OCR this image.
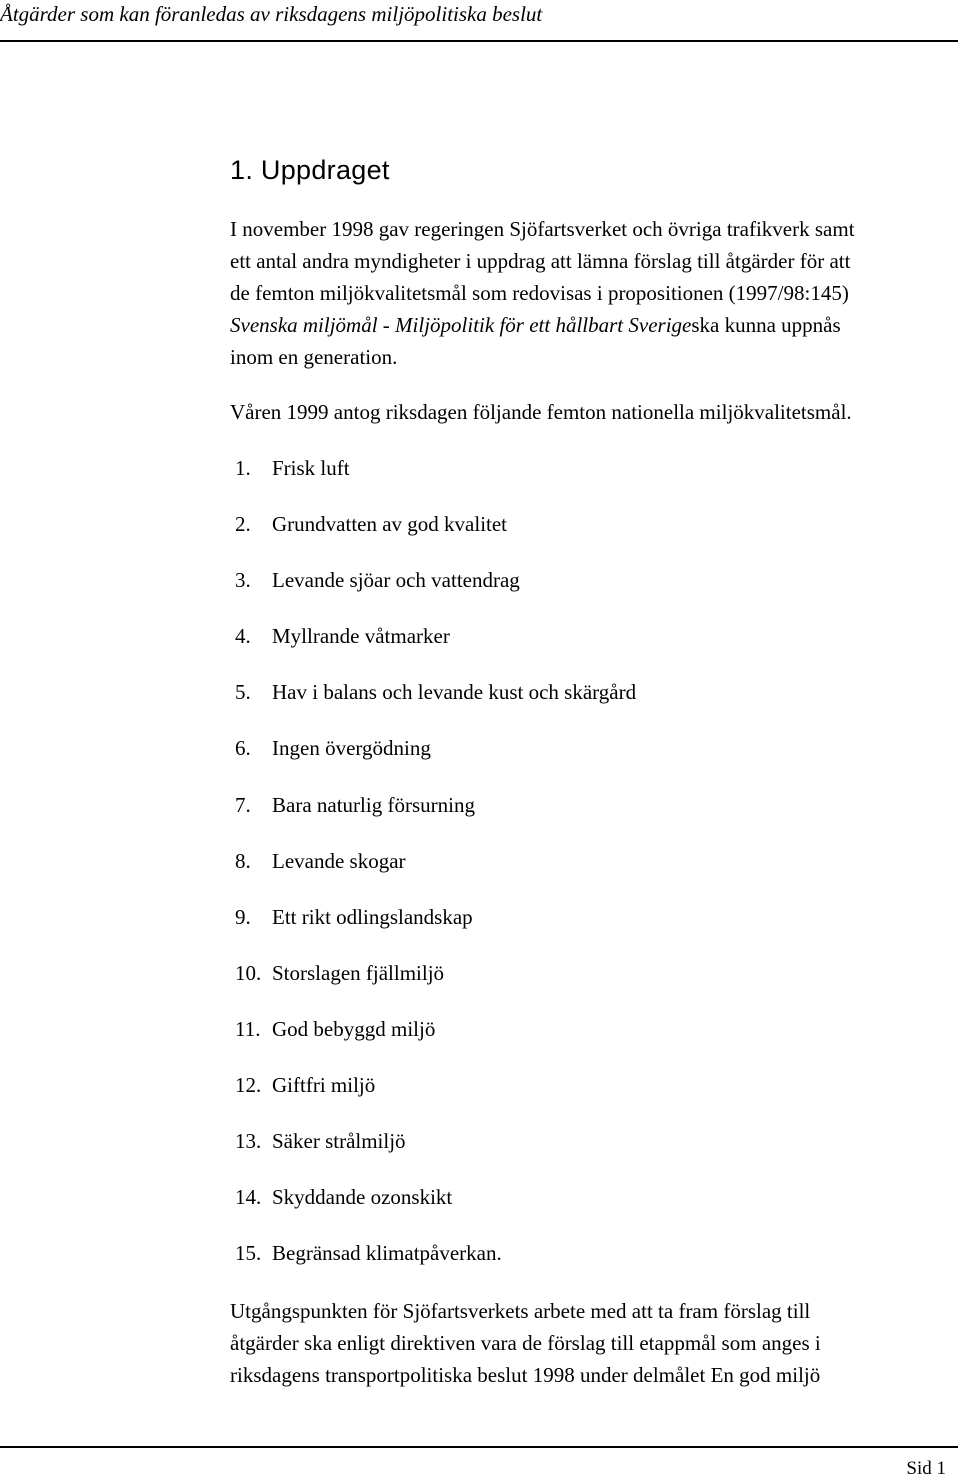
Åtgärder som kan föranledas av riksdagens miljöpolitiska beslut
1. Uppdraget
I november 1998 gav regeringen Sjöfartsverket och övriga trafikverk samt
ett antal andra myndigheter i uppdrag att lämna förslag till åtgärder för att
de femton miljökvalitetsmål som redovisas i propositionen (1997/98:145)
Svenska miljömål - Miljöpolitik för ett hållbart Sverigeska kunna uppnås
inom en generation.
Våren 1999 antog riksdagen följande femton nationella miljökvalitetsmål.
1. Frisk luft
2. Grundvatten av god kvalitet
3. Levande sjöar och vattendrag
4. Myllrande våtmarker
5. Hav i balans och levande kust och skärgård
6. Ingen övergödning
7. Bara naturlig försurning
8. Levande skogar
9. Ett rikt odlingslandskap
10. Storslagen fjällmiljö
11. God bebyggd miljö
12. Giftfri miljö
13. Säker strålmiljö
14. Skyddande ozonskikt
15. Begränsad klimatpåverkan.
Utgångspunkten för Sjöfartsverkets arbete med att ta fram förslag till
åtgärder ska enligt direktiven vara de förslag till etappmål som anges i
riksdagens transportpolitiska beslut 1998 under delmålet En god miljö
Sid 1
